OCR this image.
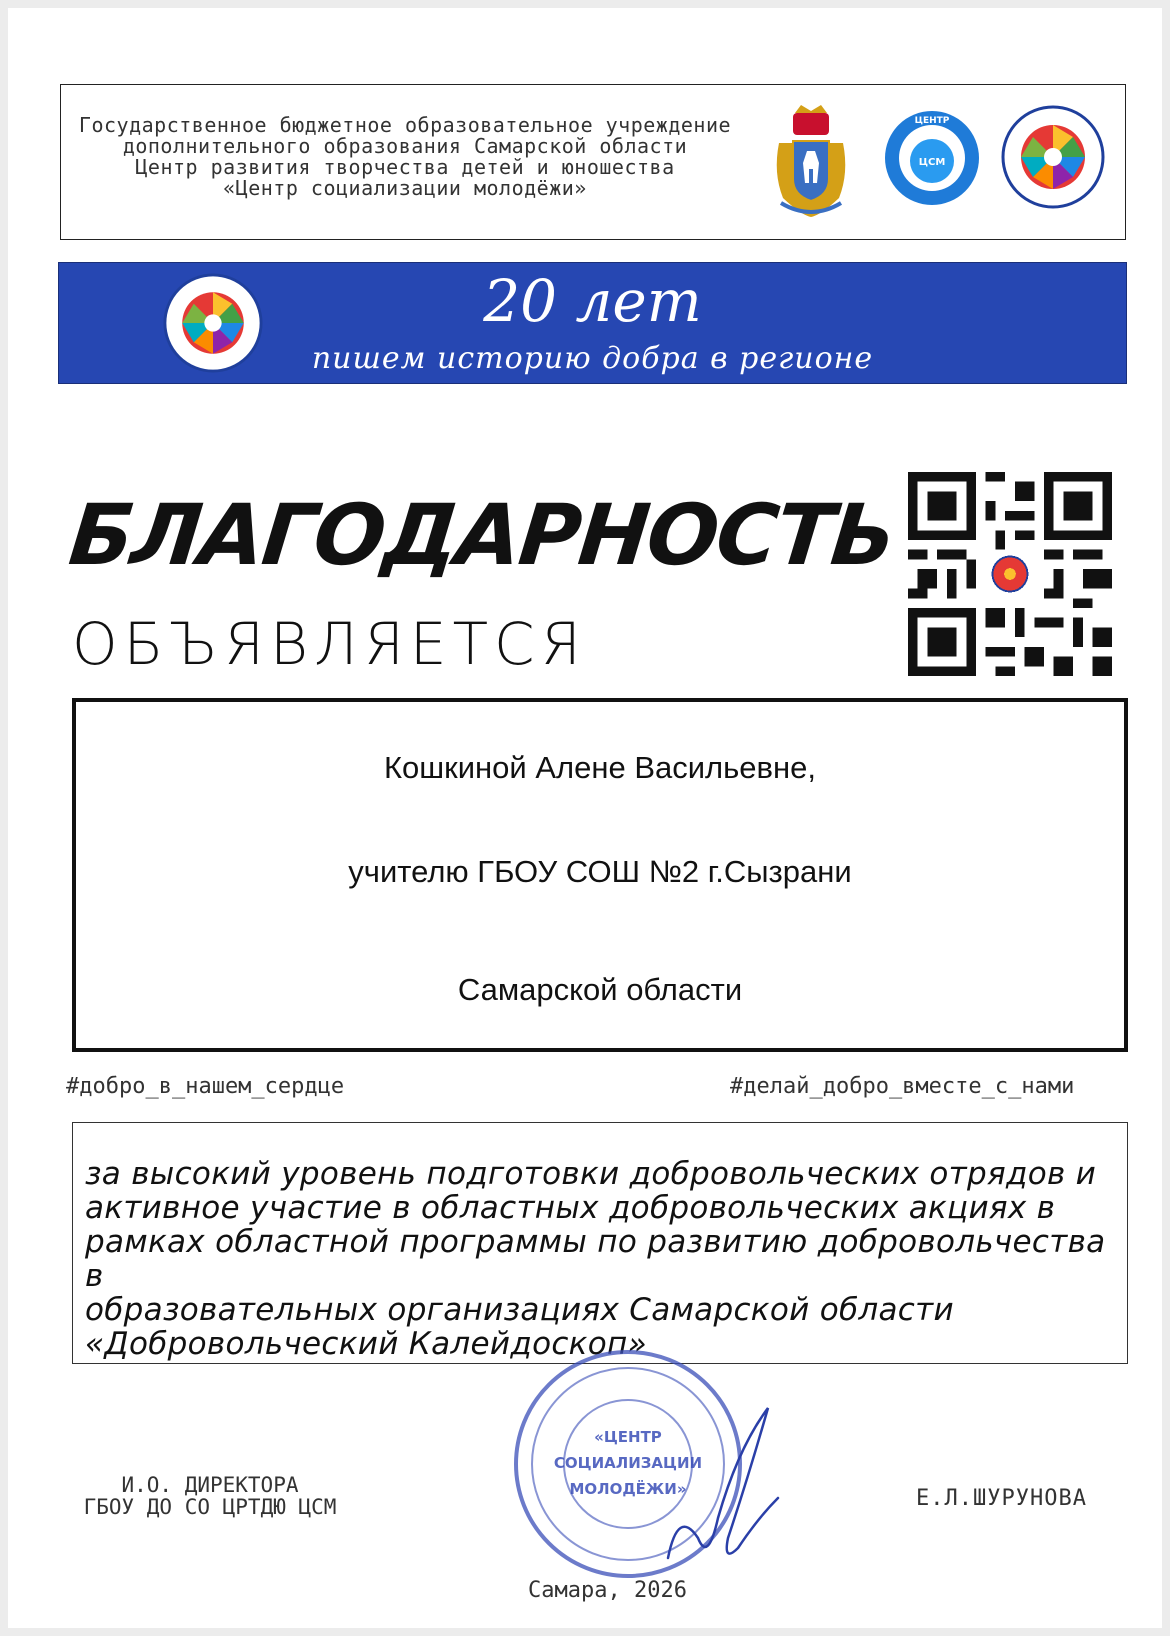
Государственное бюджетное образовательное учреждение
дополнительного образования Самарской области
Центр развития творчества детей и юношества
«Центр социализации молодёжи»
ЦЕНТР
ЦСМ
20 лет
пишем историю добра в регионе
БЛАГОДАРНОСТЬ
ОБЪЯВЛЯЕТСЯ
Кошкиной Алене Васильевне,
учителю ГБОУ СОШ №2 г.Сызрани
Самарской области
#добро_в_нашем_сердце	#делай_добро_вместе_с_нами
за высокий уровень подготовки добровольческих отрядов и
активное участие в областных добровольческих акциях в
рамках областной программы по развитию добровольчества в
образовательных организациях Самарской области
«Добровольческий Калейдоскоп»
И.О. ДИРЕКТОРА
ГБОУ ДО СО ЦРТДЮ ЦСМ
«ЦЕНТР
СОЦИАЛИЗАЦИИ
МОЛОДЁЖИ»	Е.Л.ШУРУНОВА
Самара, 2026
